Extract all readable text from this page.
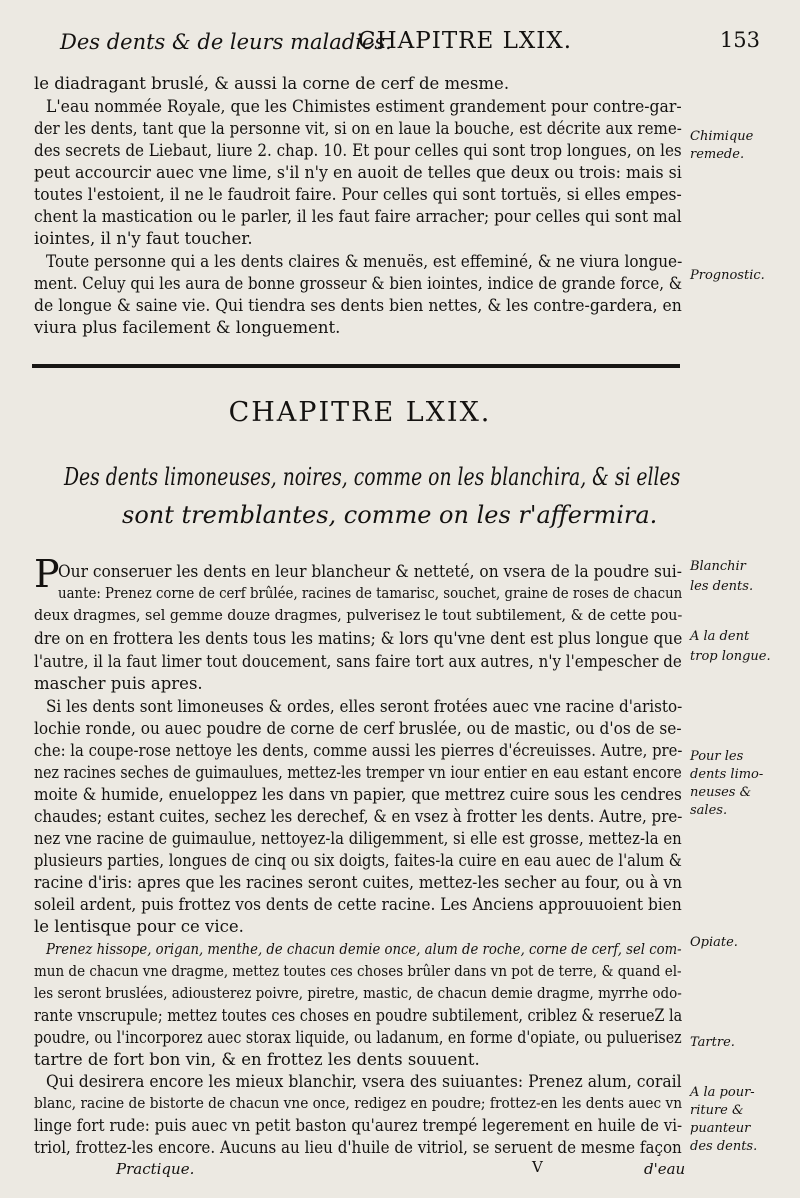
Des dents & de leurs maladies.
CHAPITRE LXIX.	153
le diadragant bruslé, & aussi la corne de cerf de mesme.
L'eau nommée Royale, que les Chimistes estiment grandement pour contre-gar-
der les dents, tant que la personne vit, si on en laue la bouche, est décrite aux reme-
des secrets de Liebaut, liure 2. chap. 10. Et pour celles qui sont trop longues, on les
peut accourcir auec vne lime, s'il n'y en auoit de telles que deux ou trois: mais si
toutes l'estoient, il ne le faudroit faire. Pour celles qui sont tortuës, si elles empes-
chent la mastication ou le parler, il les faut faire arracher; pour celles qui sont mal
iointes, il n'y faut toucher.
Toute personne qui a les dents claires & menuës, est effeminé, & ne viura longue-
ment. Celuy qui les aura de bonne grosseur & bien iointes, indice de grande force, &
de longue & saine vie. Qui tiendra ses dents bien nettes, & les contre-gardera, en
viura plus facilement & longuement.
CHAPITRE LXIX.
Des dents limoneuses, noires, comme on les blanchira, & si elles
sont tremblantes, comme on les r'affermira.
P
Our conseruer les dents en leur blancheur & netteté, on vsera de la poudre sui-
uante: Prenez corne de cerf brûlée, racines de tamarisc, souchet, graine de roses de chacun
deux dragmes, sel gemme douze dragmes, pulverisez le tout subtilement, & de cette pou-
dre on en frottera les dents tous les matins; & lors qu'vne dent est plus longue que
l'autre, il la faut limer tout doucement, sans faire tort aux autres, n'y l'empescher de
mascher puis apres.
Si les dents sont limoneuses & ordes, elles seront frotées auec vne racine d'aristo-
lochie ronde, ou auec poudre de corne de cerf bruslée, ou de mastic, ou d'os de se-
che: la coupe-rose nettoye les dents, comme aussi les pierres d'écreuisses. Autre, pre-
nez racines seches de guimaulues, mettez-les tremper vn iour entier en eau estant encore
moite & humide, enueloppez les dans vn papier, que mettrez cuire sous les cendres
chaudes; estant cuites, sechez les derechef, & en vsez à frotter les dents. Autre, pre-
nez vne racine de guimaulue, nettoyez-la diligemment, si elle est grosse, mettez-la en
plusieurs parties, longues de cinq ou six doigts, faites-la cuire en eau auec de l'alum &
racine d'iris: apres que les racines seront cuites, mettez-les secher au four, ou à vn
soleil ardent, puis frottez vos dents de cette racine. Les Anciens approuuoient bien
le lentisque pour ce vice.
Prenez hissope, origan, menthe, de chacun demie once, alum de roche, corne de cerf, sel com-
mun de chacun vne dragme, mettez toutes ces choses brûler dans vn pot de terre, & quand el-
les seront bruslées, adiousterez poivre, piretre, mastic, de chacun demie dragme, myrrhe odo-
rante vnscrupule; mettez toutes ces choses en poudre subtilement, criblez & reserueZ la
poudre, ou l'incorporez auec storax liquide, ou ladanum, en forme d'opiate, ou puluerisez
tartre de fort bon vin, & en frottez les dents souuent.
Qui desirera encore les mieux blanchir, vsera des suiuantes: Prenez alum, corail
blanc, racine de bistorte de chacun vne once, redigez en poudre; frottez-en les dents auec vn
linge fort rude: puis auec vn petit baston qu'aurez trempé legerement en huile de vi-
triol, frottez-les encore. Aucuns au lieu d'huile de vitriol, se seruent de mesme façon
Practique.	V	d'eau
Chimique
remede.
Prognostic.
Blanchir
les dents.
A la dent
trop longue.
Pour les
dents limo-
neuses &
sales.
Opiate.
Tartre.
A la pour-
riture &
puanteur
des dents.
